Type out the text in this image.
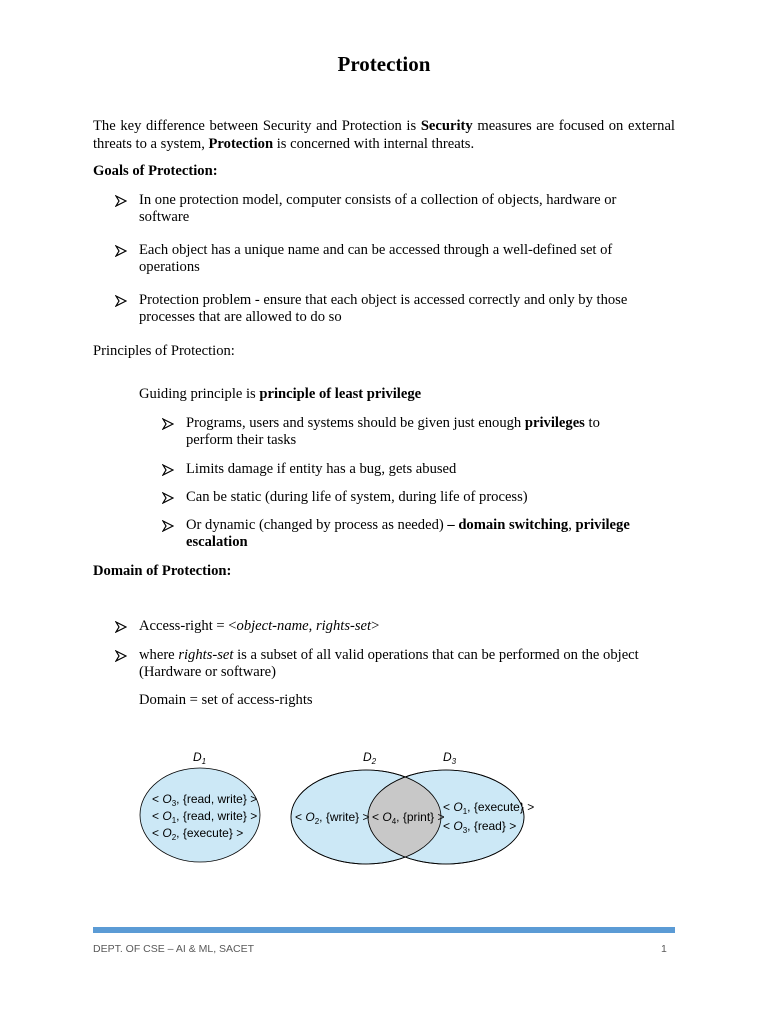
Protection
The key difference between Security and Protection is Security measures are focused on external threats to a system, Protection is concerned with internal threats.
Goals of Protection:
In one protection model, computer consists of a collection of objects, hardware or software
Each object has a unique name and can be accessed through a well-defined set of operations
Protection problem - ensure that each object is accessed correctly and only by those processes that are allowed to do so
Principles of Protection:
Guiding principle is principle of least privilege
Programs, users and systems should be given just enough privileges to perform their tasks
Limits damage if entity has a bug, gets abused
Can be static (during life of system, during life of process)
Or dynamic (changed by process as needed) – domain switching, privilege escalation
Domain of Protection:
Access-right = <object-name, rights-set>
where rights-set is a subset of all valid operations that can be performed on the object (Hardware or software)
Domain = set of access-rights
$D_1$	$D_2$	$D_3$
< $O_3$, {read, write} >
< $O_1$, {read, write} >
< $O_2$, {execute} >
< $O_2$, {write} > < $O_4$, {print} >
< $O_1$, {execute} >
< $O_3$, {read} >
DEPT. OF CSE – AI & ML, SACET	1
